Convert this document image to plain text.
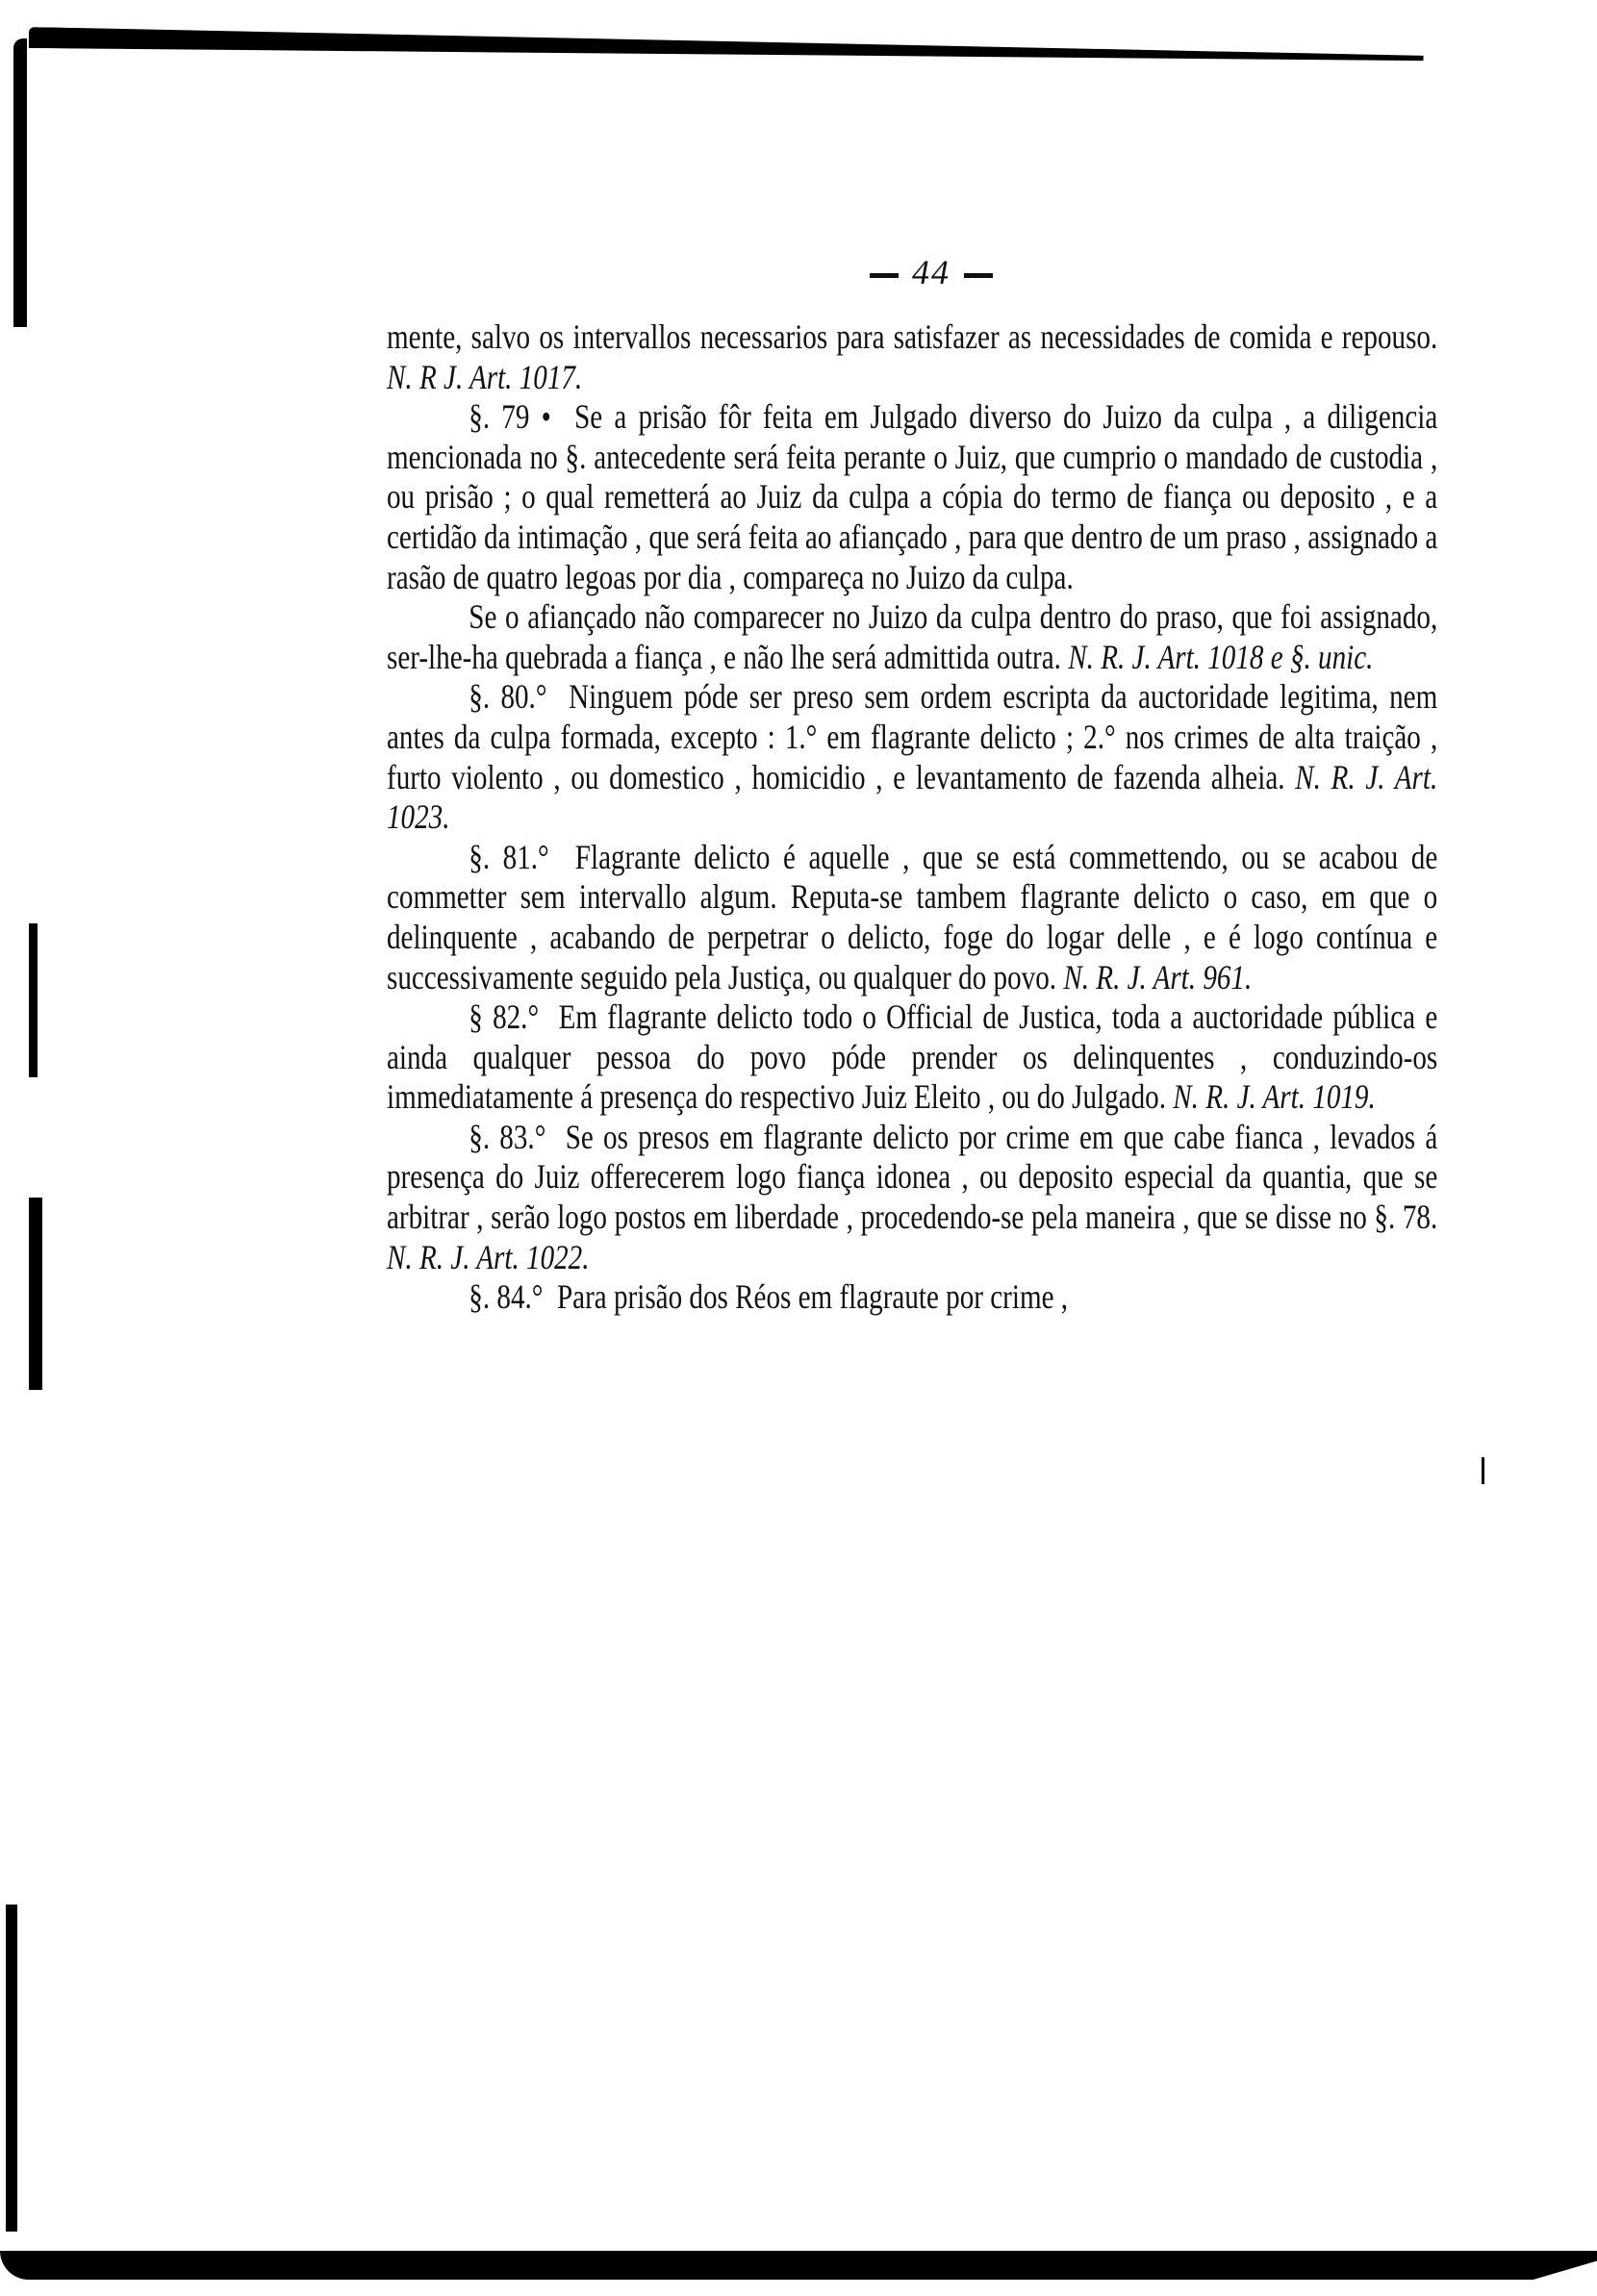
44

mente, salvo os intervallos necessarios para satisfazer as necessidades de comida e repouso. N. R J. Art. 1017.

§. 79 • Se a prisão fôr feita em Julgado diverso do Juizo da culpa , a diligencia mencionada no §. antecedente será feita perante o Juiz, que cumprio o mandado de custodia , ou prisão ; o qual remetterá ao Juiz da culpa a cópia do termo de fiança ou deposito , e a certidão da intimação , que será feita ao afiançado , para que dentro de um praso , assignado a rasão de quatro legoas por dia , compareça no Juizo da culpa.

Se o afiançado não comparecer no Juizo da culpa dentro do praso, que foi assignado, ser-lhe-ha quebrada a fiança , e não lhe será admittida outra. N. R. J. Art. 1018 e §. unic.

§. 80.° Ninguem póde ser preso sem ordem escripta da auctoridade legitima, nem antes da culpa formada, excepto : 1.° em flagrante delicto ; 2.° nos crimes de alta traição , furto violento , ou domestico , homicidio , e levantamento de fazenda alheia. N. R. J. Art. 1023.

§. 81.° Flagrante delicto é aquelle , que se está commettendo, ou se acabou de commetter sem intervallo algum. Reputa-se tambem flagrante delicto o caso, em que o delinquente , acabando de perpetrar o delicto, foge do logar delle , e é logo contínua e successivamente seguido pela Justiça, ou qualquer do povo. N. R. J. Art. 961.

§ 82.° Em flagrante delicto todo o Official de Justica, toda a auctoridade pública e ainda qualquer pessoa do povo póde prender os delinquentes , conduzindo-os immediatamente á presença do respectivo Juiz Eleito , ou do Julgado. N. R. J. Art. 1019.

§. 83.° Se os presos em flagrante delicto por crime em que cabe fianca , levados á presença do Juiz offerecerem logo fiança idonea , ou deposito especial da quantia, que se arbitrar , serão logo postos em liberdade , procedendo-se pela maneira , que se disse no §. 78. N. R. J. Art. 1022.

§. 84.° Para prisão dos Réos em flagraute por crime ,
